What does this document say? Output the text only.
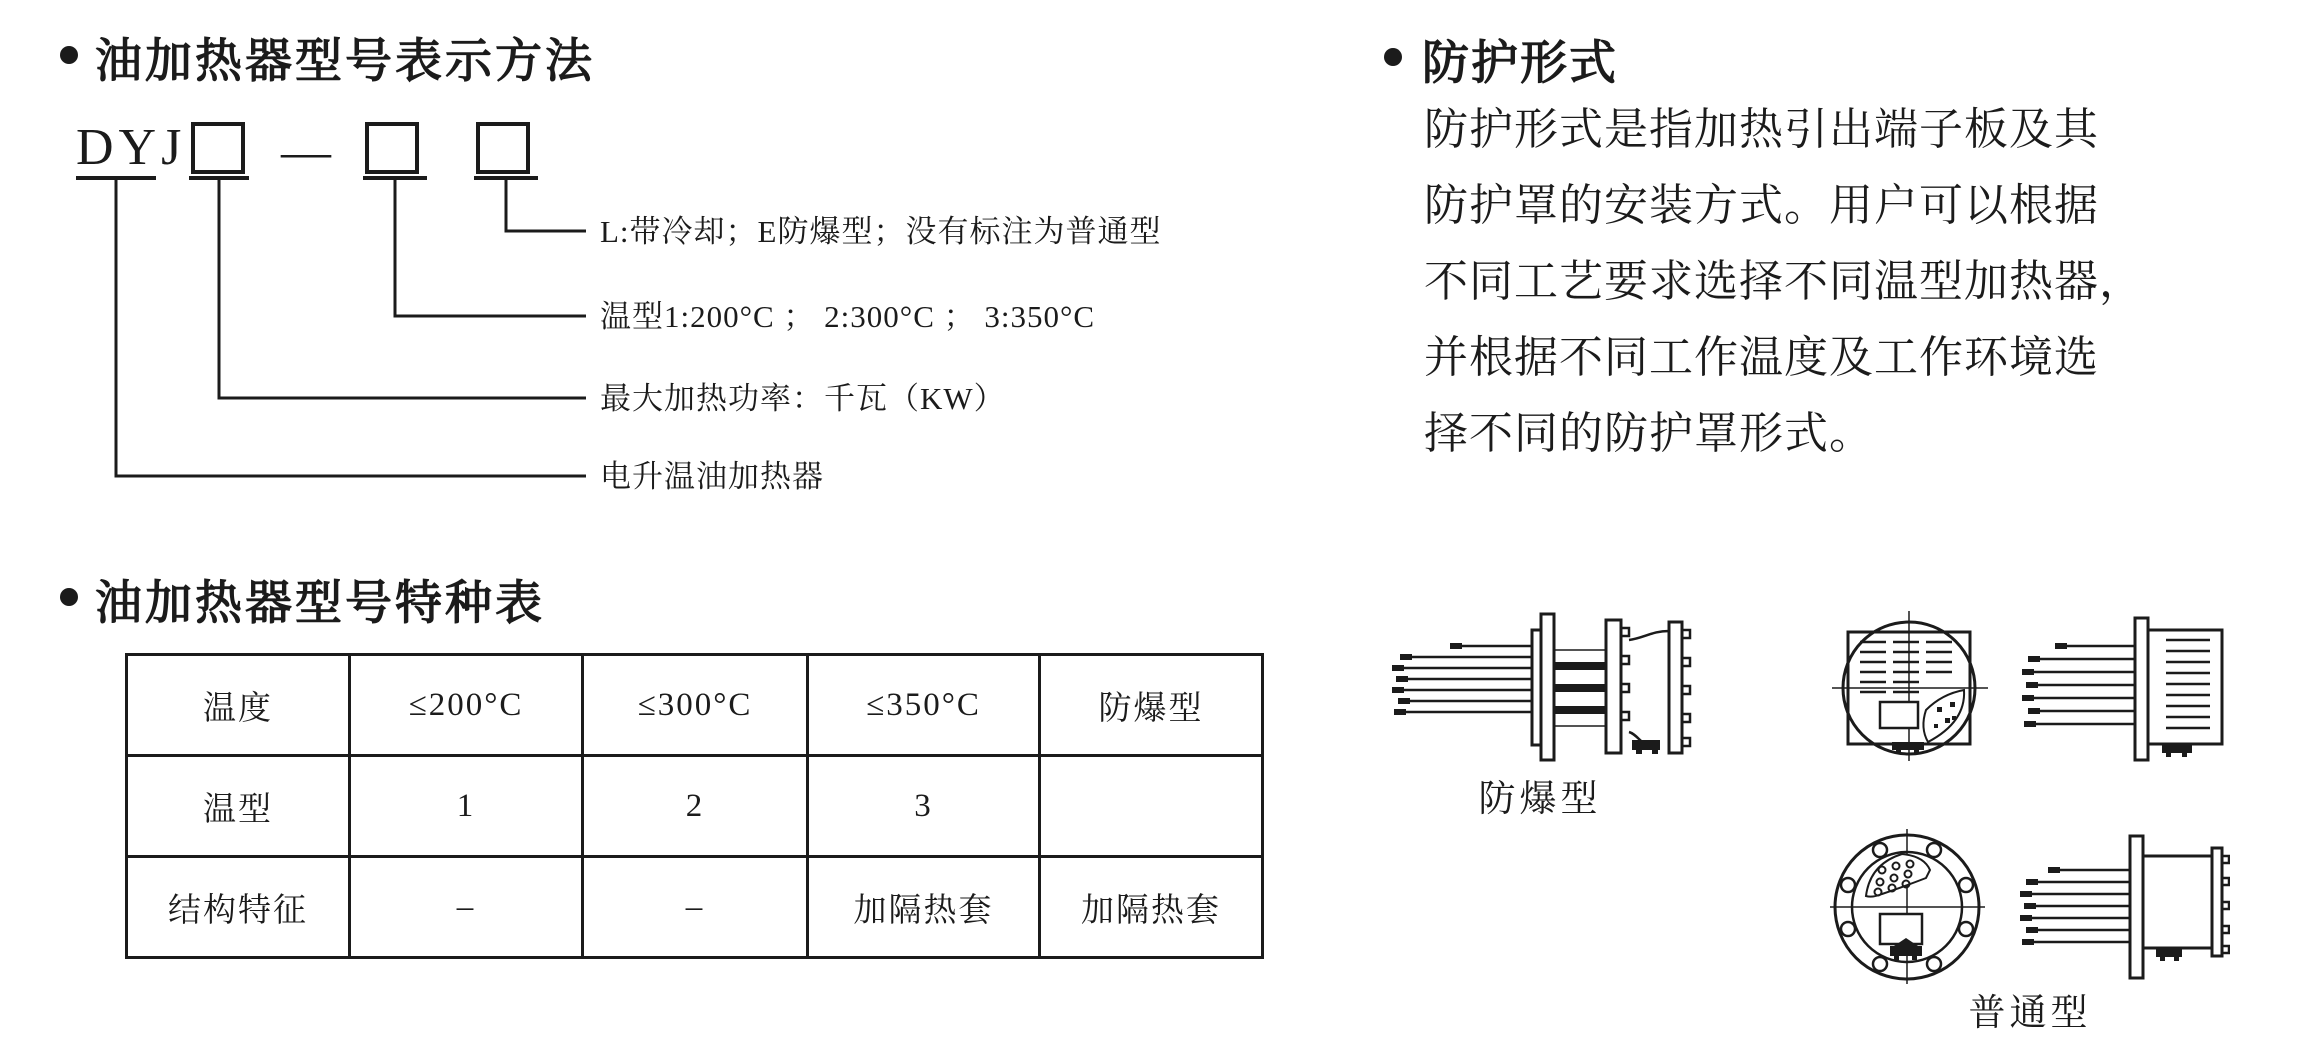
油加热器型号表示方法
DYJ —
L:带冷却；E防爆型；没有标注为普通型
温型1:200°C ； 2:300°C ； 3:350°C
最大加热功率：千瓦（KW）
电升温油加热器
油加热器型号特种表
温度	≤200°C	≤300°C	≤350°C	防爆型
温型	1	2	3	
结构特征	–	–	加隔热套	加隔热套
防护形式
防护形式是指加热引出端子板及其
防护罩的安装方式。用户可以根据
不同工艺要求选择不同温型加热器，
并根据不同工作温度及工作环境选
择不同的防护罩形式。
防爆型
普通型
